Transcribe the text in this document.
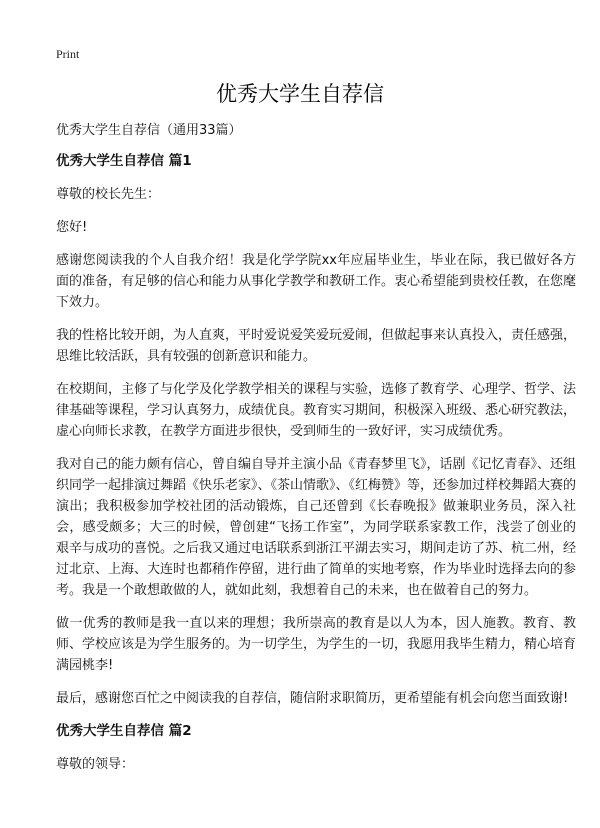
Print
优秀大学生自荐信

优秀大学生自荐信（通用33篇）

优秀大学生自荐信 篇1

尊敬的校长先生：

您好!

感谢您阅读我的个人自我介绍！我是化学学院xx年应届毕业生，毕业在际，我已做好各方面的准备，有足够的信心和能力从事化学教学和教研工作。衷心希望能到贵校任教，在您麾下效力。

我的性格比较开朗，为人直爽，平时爱说爱笑爱玩爱闹，但做起事来认真投入，责任感强，思维比较活跃，具有较强的创新意识和能力。

在校期间，主修了与化学及化学教学相关的课程与实验，选修了教育学、心理学、哲学、法律基础等课程，学习认真努力，成绩优良。教育实习期间，积极深入班级、悉心研究教法，虚心向师长求教，在教学方面进步很快，受到师生的一致好评，实习成绩优秀。

我对自己的能力颇有信心，曾自编自导并主演小品《青春梦里飞》，话剧《记忆青春》、还组织同学一起排演过舞蹈《快乐老家》、《茶山情歌》、《红梅赞》等，还参加过样校舞蹈大赛的演出；我积极参加学校社团的活动锻炼，自己还曾到《长春晚报》做兼职业务员，深入社会，感受颇多；大三的时候，曾创建“飞扬工作室”，为同学联系家教工作，浅尝了创业的艰辛与成功的喜悦。之后我又通过电话联系到浙江平湖去实习，期间走访了苏、杭二州，经过北京、上海、大连时也都稍作停留，进行曲了简单的实地考察，作为毕业时选择去向的参考。我是一个敢想敢做的人，就如此刻，我想着自己的未来，也在做着自己的努力。

做一优秀的教师是我一直以来的理想；我所崇高的教育是以人为本，因人施教。教育、教师、学校应该是为学生服务的。为一切学生，为学生的一切，我愿用我毕生精力，精心培育满园桃李!

最后，感谢您百忙之中阅读我的自荐信，随信附求职简历，更希望能有机会向您当面致谢!

优秀大学生自荐信 篇2

尊敬的领导：
